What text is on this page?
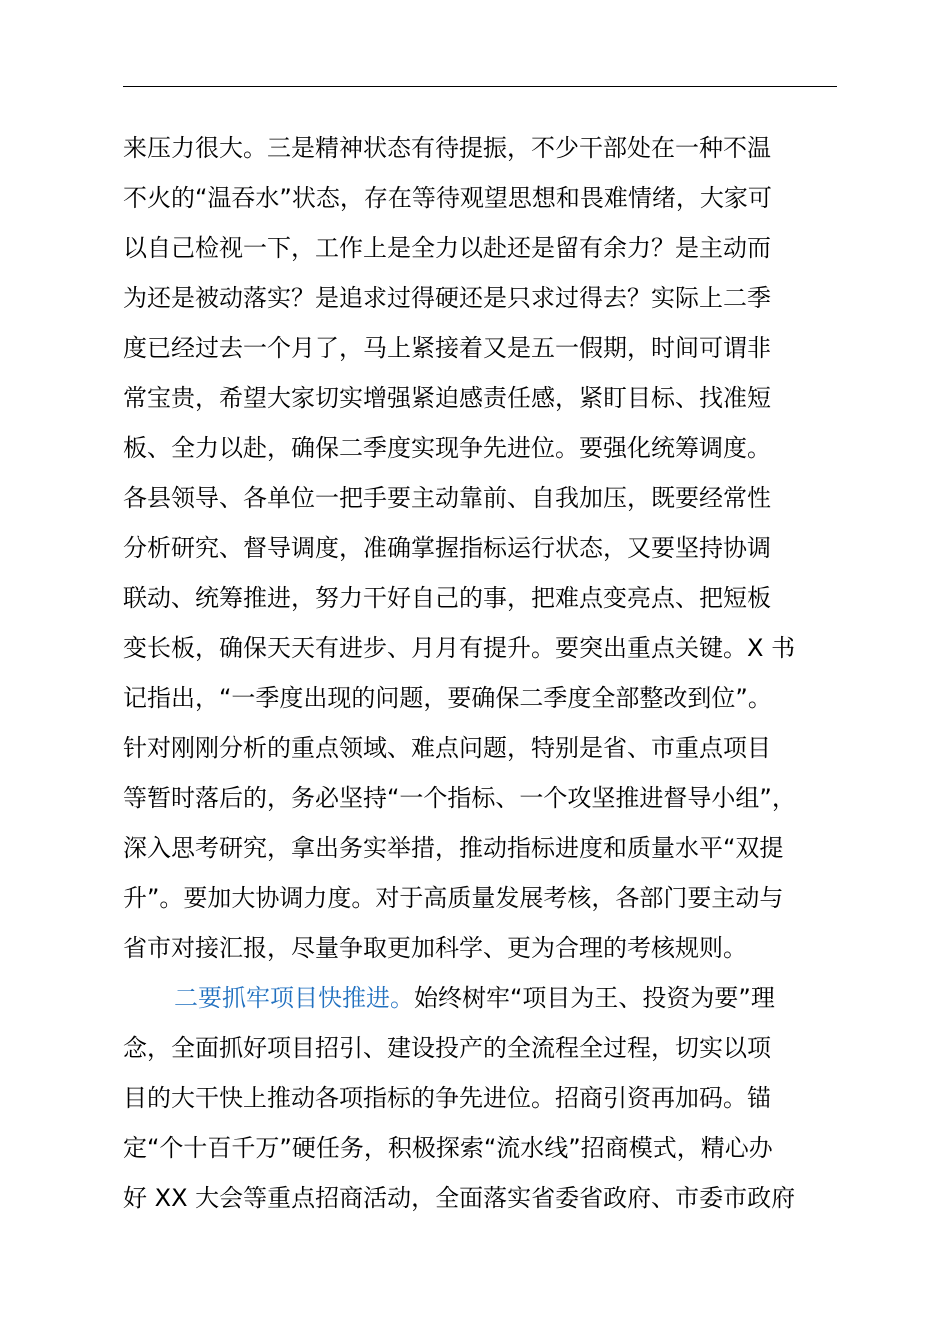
来压力很大。三是精神状态有待提振，不少干部处在一种不温
不火的“温吞水”状态，存在等待观望思想和畏难情绪，大家可
以自己检视一下，工作上是全力以赴还是留有余力？是主动而
为还是被动落实？是追求过得硬还是只求过得去？实际上二季
度已经过去一个月了，马上紧接着又是五一假期，时间可谓非
常宝贵，希望大家切实增强紧迫感责任感，紧盯目标、找准短
板、全力以赴，确保二季度实现争先进位。要强化统筹调度。
各县领导、各单位一把手要主动靠前、自我加压，既要经常性
分析研究、督导调度，准确掌握指标运行状态，又要坚持协调
联动、统筹推进，努力干好自己的事，把难点变亮点、把短板
变长板，确保天天有进步、月月有提升。要突出重点关键。X 书
记指出，“一季度出现的问题，要确保二季度全部整改到位”。
针对刚刚分析的重点领域、难点问题，特别是省、市重点项目
等暂时落后的，务必坚持“一个指标、一个攻坚推进督导小组”，
深入思考研究，拿出务实举措，推动指标进度和质量水平“双提
升”。要加大协调力度。对于高质量发展考核，各部门要主动与
省市对接汇报，尽量争取更加科学、更为合理的考核规则。
二要抓牢项目快推进。始终树牢“项目为王、投资为要”理
念，全面抓好项目招引、建设投产的全流程全过程，切实以项
目的大干快上推动各项指标的争先进位。招商引资再加码。锚
定“个十百千万”硬任务，积极探索“流水线”招商模式，精心办
好 XX 大会等重点招商活动，全面落实省委省政府、市委市政府
